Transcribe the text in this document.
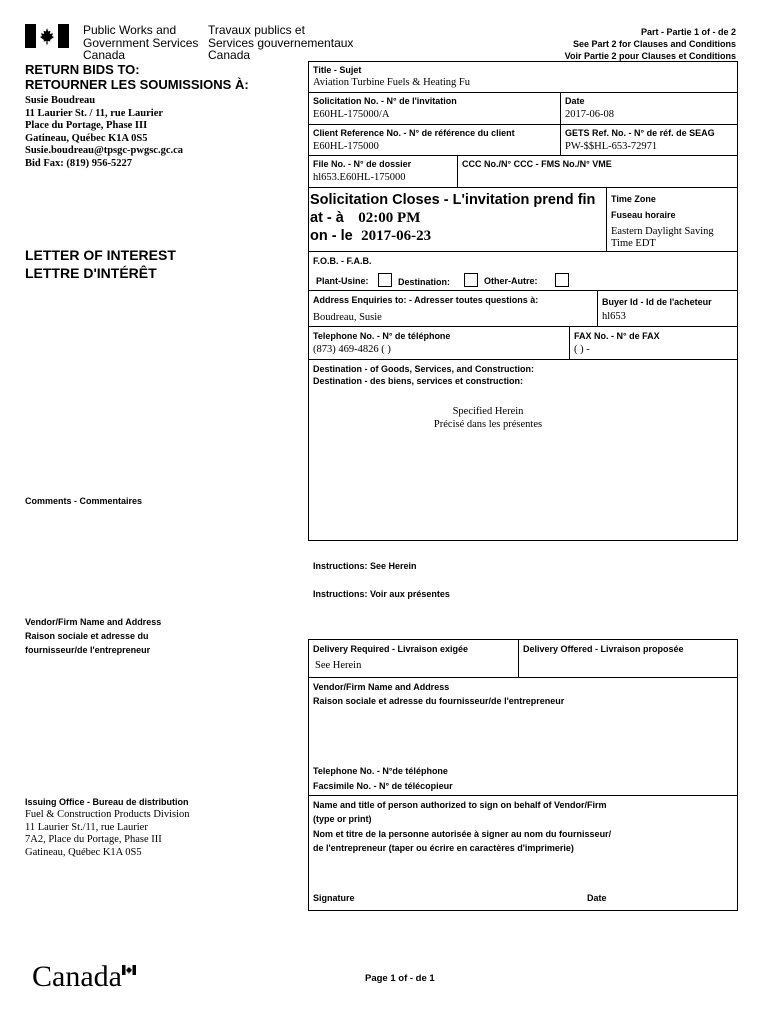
Public Works and
Government Services
Canada
Travaux publics et
Services gouvernementaux
Canada
Part - Partie 1 of - de 2
See Part 2 for Clauses and Conditions
Voir Partie 2 pour Clauses et Conditions
RETURN BIDS TO:
RETOURNER LES SOUMISSIONS À:
Susie Boudreau
11 Laurier St. / 11, rue Laurier
Place du Portage, Phase III
Gatineau, Québec K1A 0S5
Susie.boudreau@tpsgc-pwgsc.gc.ca
Bid Fax: (819) 956-5227
LETTER OF INTEREST
LETTRE D'INTÉRÊT
Comments - Commentaires
Vendor/Firm Name and Address
Raison sociale et adresse du
fournisseur/de l'entrepreneur
Issuing Office - Bureau de distribution
Fuel & Construction Products Division
11 Laurier St./11, rue Laurier
7A2, Place du Portage, Phase III
Gatineau, Québec K1A 0S5
Title - Sujet
Aviation Turbine Fuels & Heating Fu
Solicitation No. - N° de l'invitation
E60HL-175000/A
Date
2017-06-08
Client Reference No. - N° de référence du client
E60HL-175000
GETS Ref. No. - N° de réf. de SEAG
PW-$$HL-653-72971
File No. - N° de dossier
hl653.E60HL-175000
CCC No./N° CCC - FMS No./N° VME
Solicitation Closes - L'invitation prend fin
at - à 02:00 PM
on - le 2017-06-23
Time Zone
Fuseau horaire
Eastern Daylight Saving
Time EDT
F.O.B. - F.A.B.
Plant-Usine:	Destination:	Other-Autre:
Address Enquiries to: - Adresser toutes questions à:
Boudreau, Susie
Buyer Id - Id de l'acheteur
hl653
Telephone No. - N° de téléphone
(873) 469-4826 ( )
FAX No. - N° de FAX
( ) -
Destination - of Goods, Services, and Construction:
Destination - des biens, services et construction:
Specified Herein
Précisé dans les présentes
Instructions: See Herein
Instructions: Voir aux présentes
Delivery Required - Livraison exigée
See Herein
Delivery Offered - Livraison proposée
Vendor/Firm Name and Address
Raison sociale et adresse du fournisseur/de l'entrepreneur
Telephone No. - N°de téléphone
Facsimile No. - N° de télécopieur
Name and title of person authorized to sign on behalf of Vendor/Firm
(type or print)
Nom et titre de la personne autorisée à signer au nom du fournisseur/
de l'entrepreneur (taper ou écrire en caractères d'imprimerie)
Signature	Date
Canada	Page 1 of - de 1
